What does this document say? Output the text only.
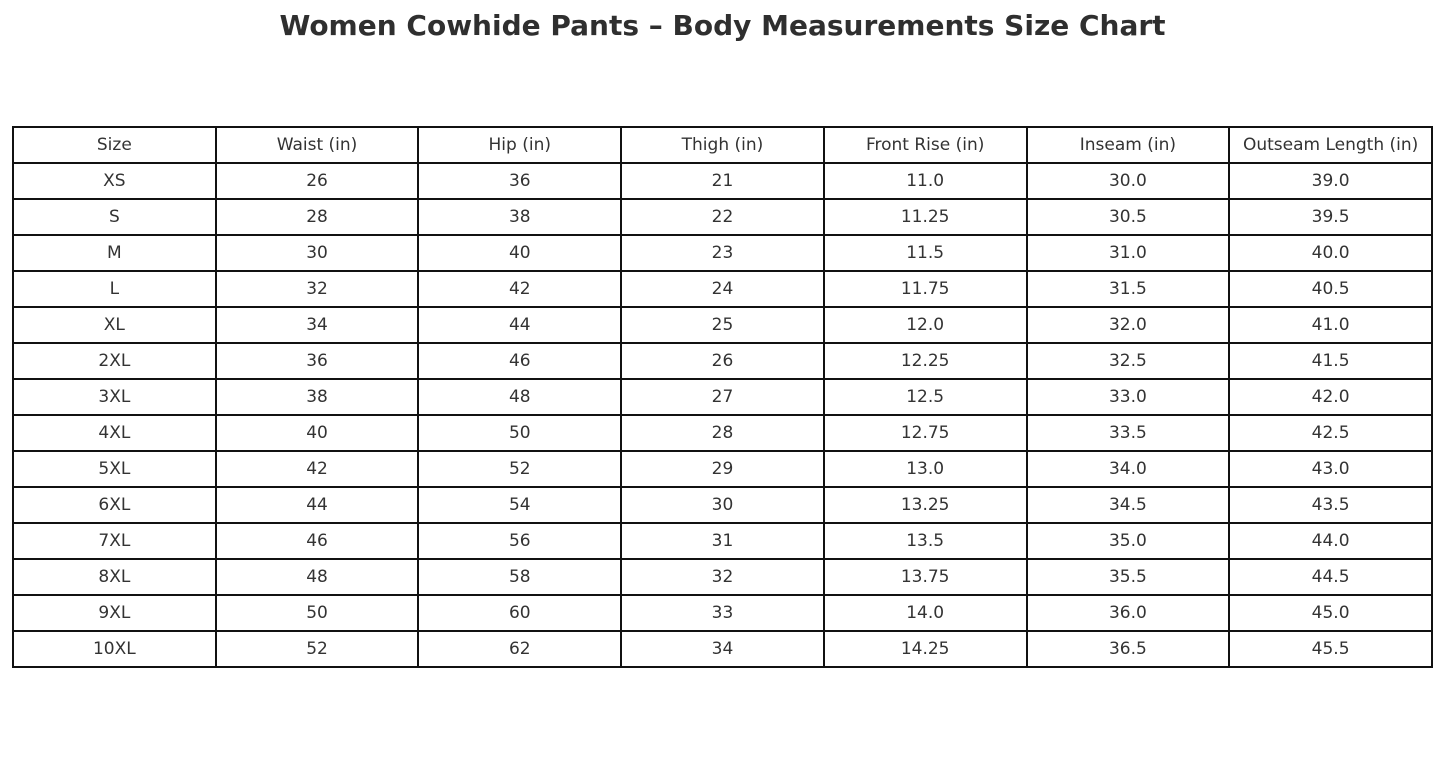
Women Cowhide Pants – Body Measurements Size Chart
Size	Waist (in)	Hip (in)	Thigh (in)	Front Rise (in)	Inseam (in)	Outseam Length (in)
XS	26	36	21	11.0	30.0	39.0
S	28	38	22	11.25	30.5	39.5
M	30	40	23	11.5	31.0	40.0
L	32	42	24	11.75	31.5	40.5
XL	34	44	25	12.0	32.0	41.0
2XL	36	46	26	12.25	32.5	41.5
3XL	38	48	27	12.5	33.0	42.0
4XL	40	50	28	12.75	33.5	42.5
5XL	42	52	29	13.0	34.0	43.0
6XL	44	54	30	13.25	34.5	43.5
7XL	46	56	31	13.5	35.0	44.0
8XL	48	58	32	13.75	35.5	44.5
9XL	50	60	33	14.0	36.0	45.0
10XL	52	62	34	14.25	36.5	45.5
